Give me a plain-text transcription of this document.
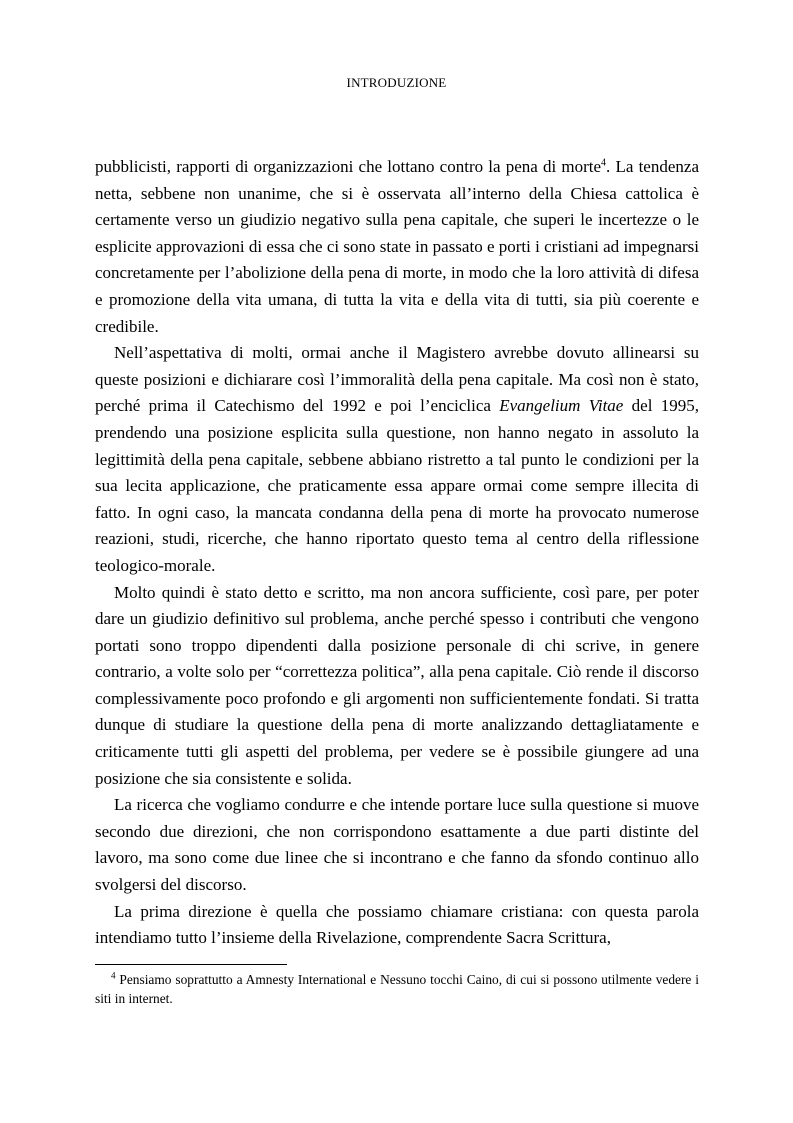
INTRODUZIONE

pubblicisti, rapporti di organizzazioni che lottano contro la pena di morte$^4$. La tendenza netta, sebbene non unanime, che si è osservata all’interno della Chiesa cattolica è certamente verso un giudizio negativo sulla pena capitale, che superi le incertezze o le esplicite approvazioni di essa che ci sono state in passato e porti i cristiani ad impegnarsi concretamente per l’abolizione della pena di morte, in modo che la loro attività di difesa e promozione della vita umana, di tutta la vita e della vita di tutti, sia più coerente e credibile.

Nell’aspettativa di molti, ormai anche il Magistero avrebbe dovuto allinearsi su queste posizioni e dichiarare così l’immoralità della pena capitale. Ma così non è stato, perché prima il Catechismo del 1992 e poi l’enciclica Evangelium Vitae del 1995, prendendo una posizione esplicita sulla questione, non hanno negato in assoluto la legittimità della pena capitale, sebbene abbiano ristretto a tal punto le condizioni per la sua lecita applicazione, che praticamente essa appare ormai come sempre illecita di fatto. In ogni caso, la mancata condanna della pena di morte ha provocato numerose reazioni, studi, ricerche, che hanno riportato questo tema al centro della riflessione teologico-morale.

Molto quindi è stato detto e scritto, ma non ancora sufficiente, così pare, per poter dare un giudizio definitivo sul problema, anche perché spesso i contributi che vengono portati sono troppo dipendenti dalla posizione personale di chi scrive, in genere contrario, a volte solo per “correttezza politica”, alla pena capitale. Ciò rende il discorso complessivamente poco profondo e gli argomenti non sufficientemente fondati. Si tratta dunque di studiare la questione della pena di morte analizzando dettagliatamente e criticamente tutti gli aspetti del problema, per vedere se è possibile giungere ad una posizione che sia consistente e solida.

La ricerca che vogliamo condurre e che intende portare luce sulla questione si muove secondo due direzioni, che non corrispondono esattamente a due parti distinte del lavoro, ma sono come due linee che si incontrano e che fanno da sfondo continuo allo svolgersi del discorso.

La prima direzione è quella che possiamo chiamare cristiana: con questa parola intendiamo tutto l’insieme della Rivelazione, comprendente Sacra Scrittura,

$^4$ Pensiamo soprattutto a Amnesty International e Nessuno tocchi Caino, di cui si possono utilmente vedere i siti in internet.
